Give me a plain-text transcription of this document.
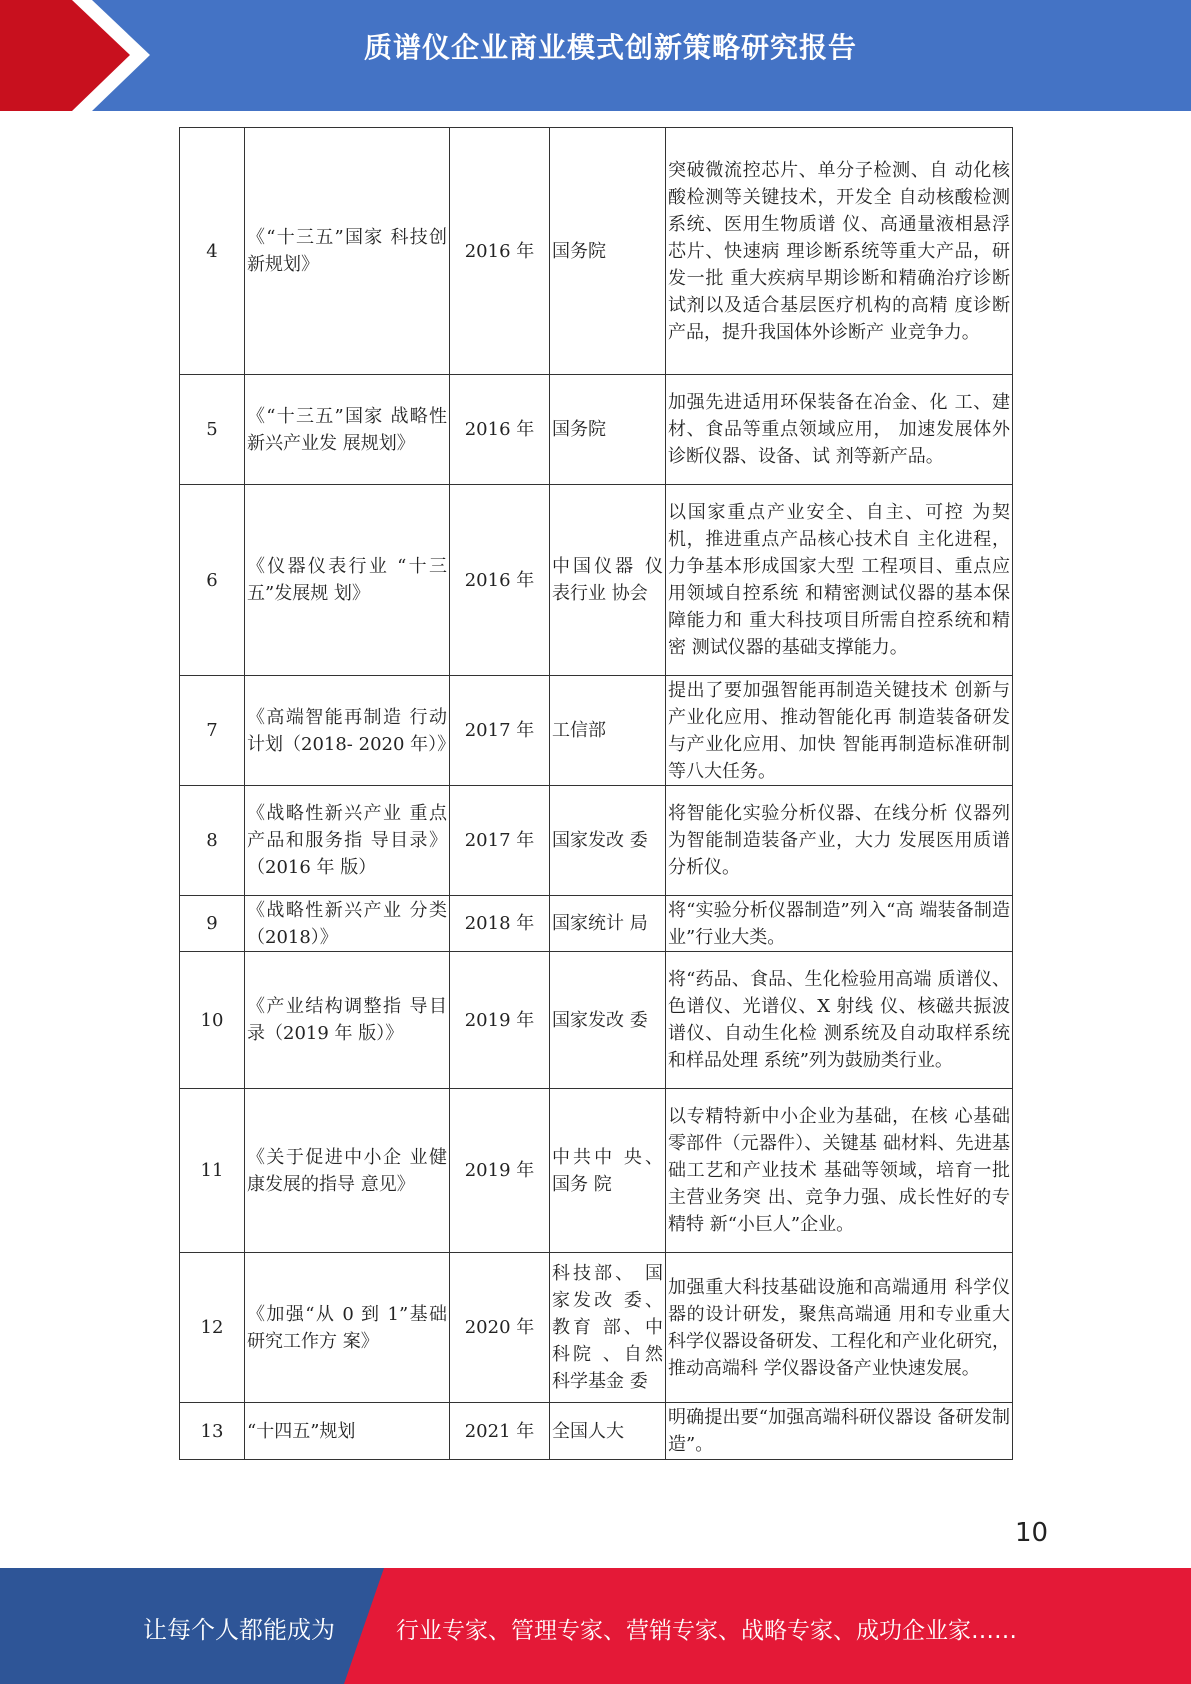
质谱仪企业商业模式创新策略研究报告
4	《“十三五”国家 科技创新规划》	2016 年	国务院	突破微流控芯片、单分子检测、自 动化核酸检测等关键技术，开发全 自动核酸检测系统、医用生物质谱 仪、高通量液相悬浮芯片、快速病 理诊断系统等重大产品，研发一批 重大疾病早期诊断和精确治疗诊断 试剂以及适合基层医疗机构的高精 度诊断产品，提升我国体外诊断产 业竞争力。
5	《“十三五”国家 战略性新兴产业发 展规划》	2016 年	国务院	加强先进适用环保装备在冶金、化 工、建材、食品等重点领域应用， 加速发展体外诊断仪器、设备、试 剂等新产品。
6	《仪器仪表行业 “十三五”发展规 划》	2016 年	中国仪器 仪表行业 协会	以国家重点产业安全、自主、可控 为契机，推进重点产品核心技术自 主化进程，力争基本形成国家大型 工程项目、重点应用领域自控系统 和精密测试仪器的基本保障能力和 重大科技项目所需自控系统和精密 测试仪器的基础支撑能力。
7	《高端智能再制造 行动计划（2018- 2020 年）》	2017 年	工信部	提出了要加强智能再制造关键技术 创新与产业化应用、推动智能化再 制造装备研发与产业化应用、加快 智能再制造标准研制等八大任务。
8	《战略性新兴产业 重点产品和服务指 导目录》（2016 年 版）	2017 年	国家发改 委	将智能化实验分析仪器、在线分析 仪器列为智能制造装备产业，大力 发展医用质谱分析仪。
9	《战略性新兴产业 分类（2018）》	2018 年	国家统计 局	将“实验分析仪器制造”列入“高 端装备制造业”行业大类。
10	《产业结构调整指 导目录（2019 年 版）》	2019 年	国家发改 委	将“药品、食品、生化检验用高端 质谱仪、色谱仪、光谱仪、X 射线 仪、核磁共振波谱仪、自动生化检 测系统及自动取样系统和样品处理 系统”列为鼓励类行业。
11	《关于促进中小企 业健康发展的指导 意见》	2019 年	中共中 央、国务 院	以专精特新中小企业为基础，在核 心基础零部件（元器件）、关键基 础材料、先进基础工艺和产业技术 基础等领域，培育一批主营业务突 出、竞争力强、成长性好的专精特 新“小巨人”企业。
12	《加强“从 0 到 1”基础研究工作方 案》	2020 年	科技部、 国家发改 委、教育 部、中科院 、自然科学基金 委	加强重大科技基础设施和高端通用 科学仪器的设计研发，聚焦高端通 用和专业重大科学仪器设备研发、工程化和产业化研究，推动高端科 学仪器设备产业快速发展。
13	“十四五”规划	2021 年	全国人大	明确提出要“加强高端科研仪器设 备研发制造”。
10
让每个人都能成为	行业专家、管理专家、营销专家、战略专家、成功企业家……
